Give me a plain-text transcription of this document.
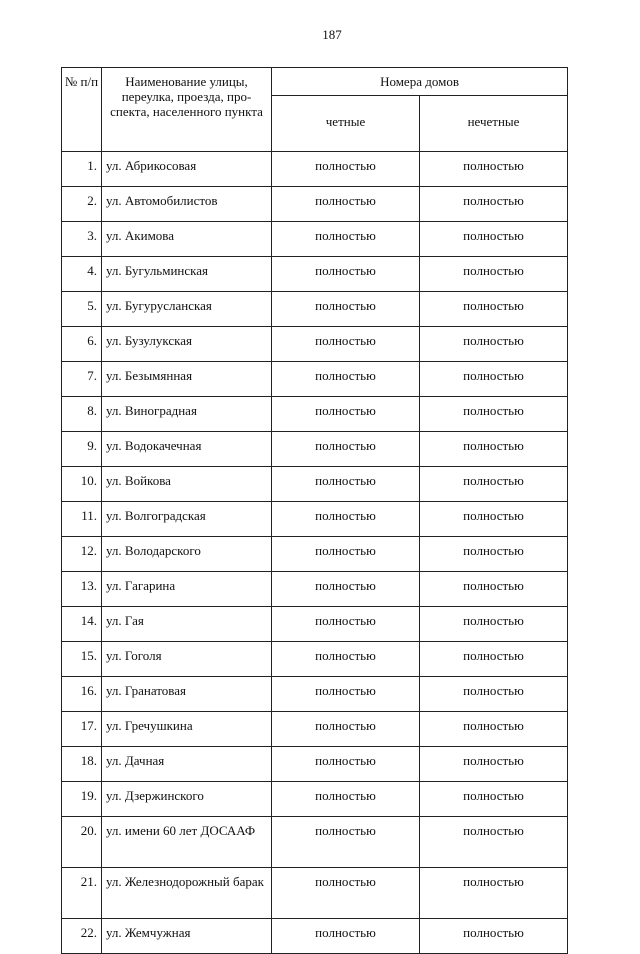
187
№ п/п	Наименование улицы, переулка, проезда, про-спекта, населенного пункта	Номера домов	
		четные	нечетные
1.	ул. Абрикосовая	полностью	полностью
2.	ул. Автомобилистов	полностью	полностью
3.	ул. Акимова	полностью	полностью
4.	ул. Бугульминская	полностью	полностью
5.	ул. Бугурусланская	полностью	полностью
6.	ул. Бузулукская	полностью	полностью
7.	ул. Безымянная	полностью	полностью
8.	ул. Виноградная	полностью	полностью
9.	ул. Водокачечная	полностью	полностью
10.	ул. Войкова	полностью	полностью
11.	ул. Волгоградская	полностью	полностью
12.	ул. Володарского	полностью	полностью
13.	ул. Гагарина	полностью	полностью
14.	ул. Гая	полностью	полностью
15.	ул. Гоголя	полностью	полностью
16.	ул. Гранатовая	полностью	полностью
17.	ул. Гречушкина	полностью	полностью
18.	ул. Дачная	полностью	полностью
19.	ул. Дзержинского	полностью	полностью
20.	ул. имени 60 лет ДОСААФ	полностью	полностью
21.	ул. Железнодорожный барак	полностью	полностью
22.	ул. Жемчужная	полностью	полностью
